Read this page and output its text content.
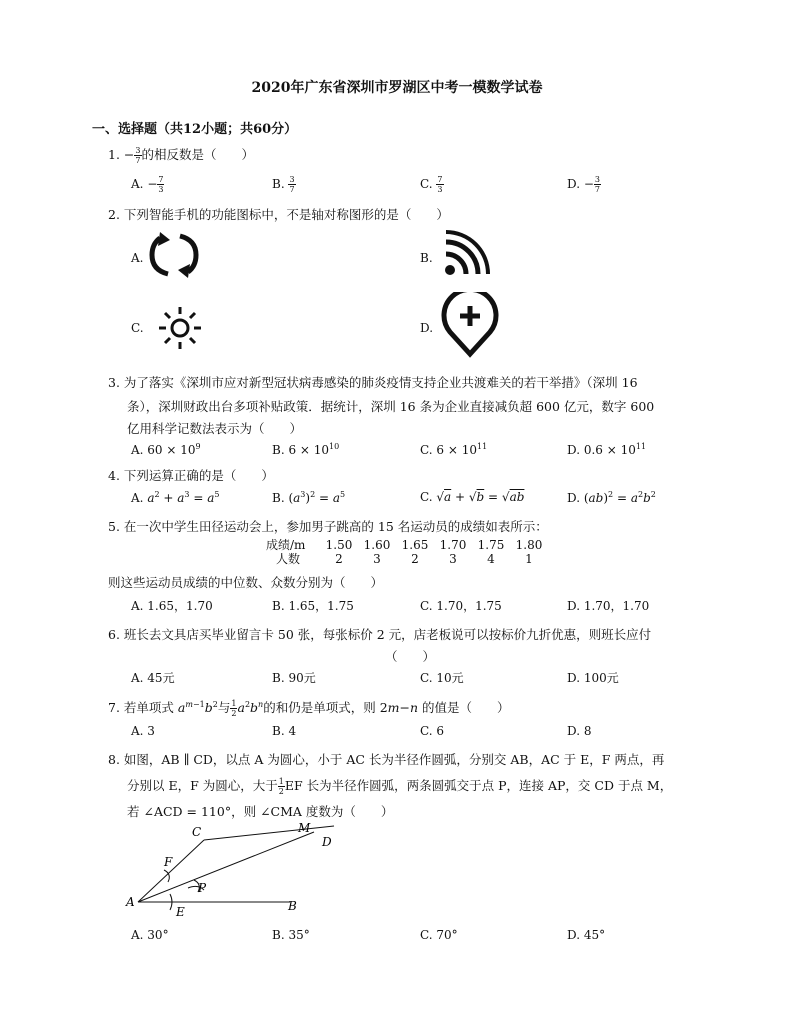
2020年广东省深圳市罗湖区中考一模数学试卷
一、选择题（共12小题；共60分）
1. − $\frac{3}{7}$ 的相反数是（　　）
A. − $\frac{7}{3}$	B. $\frac{3}{7}$	C. $\frac{7}{3}$	D. − $\frac{3}{7}$
2. 下列智能手机的功能图标中，不是轴对称图形的是（　　）
A.	B.
C.	D.
3. 为了落实《深圳市应对新型冠状病毒感染的肺炎疫情支持企业共渡难关的若干举措》（深圳 16
条），深圳财政出台多项补贴政策．据统计，深圳 16 条为企业直接减负超 600 亿元，数字 600
亿用科学记数法表示为（　　）
A. $60 \times 10^9$	B. $6 \times 10^{10}$	C. $6 \times 10^{11}$	D. $0.6 \times 10^{11}$
4. 下列运算正确的是（　　）
A. $a^2 + a^3 = a^5$	B. $(a^3)^2 = a^5$	C. √a + √b = √ab	D. $(ab)^2 = a^2b^2$
5. 在一次中学生田径运动会上，参加男子跳高的 15 名运动员的成绩如表所示：
成绩/m 1.50 1.60 1.65 1.70 1.75 1.80
人数	2	3	2	3	4	1
则这些运动员成绩的中位数、众数分别为（　　）
A. 1.65，1.70	B. 1.65，1.75	C. 1.70，1.75	D. 1.70，1.70
6. 班长去文具店买毕业留言卡 50 张，每张标价 2 元，店老板说可以按标价九折优惠，则班长应付
（　　）
A. 45元	B. 90元	C. 10元	D. 100元
7. 若单项式 $a^{m-1}b^2$与 $\frac{1}{2} a^2b^n$的和仍是单项式，则 2m−n 的值是（　　）
A. 3	B. 4	C. 6	D. 8
8. 如图，AB ∥ CD，以点 A 为圆心，小于 AC 长为半径作圆弧，分别交 AB，AC 于 E，F 两点，再
分别以 E，F 为圆心，大于 $\frac{1}{2}$ EF 长为半径作圆弧，两条圆弧交于点 P，连接 AP，交 CD 于点 M，
若 ∠ACD = 110°，则 ∠CMA 度数为（　　）
A	B
C
D
E
F
M
P
A. 30°	B. 35°	C. 70°	D. 45°
